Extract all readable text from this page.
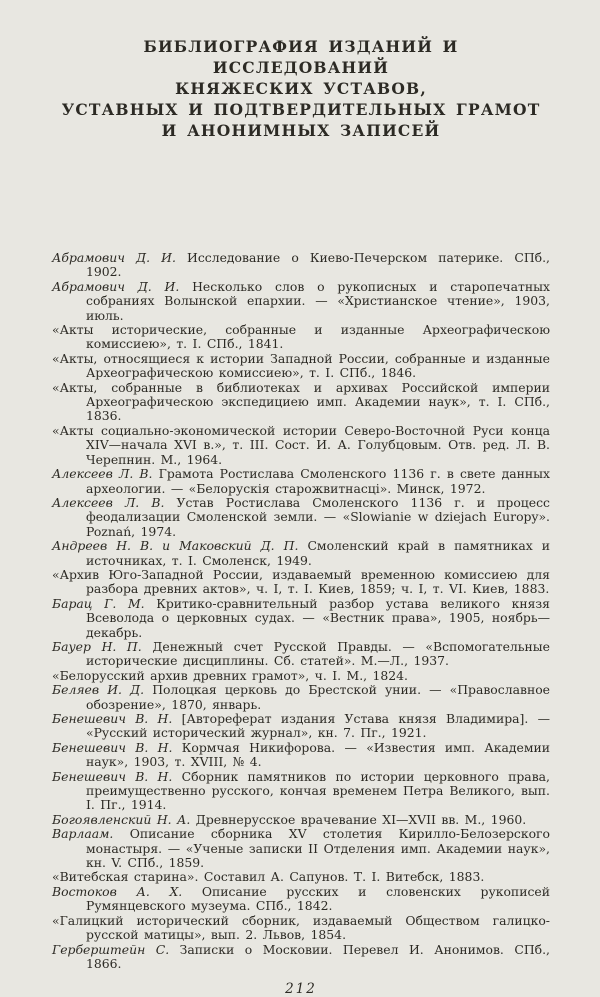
БИБЛИОГРАФИЯ ИЗДАНИЙ И ИССЛЕДОВАНИЙ
КНЯЖЕСКИХ УСТАВОВ,
УСТАВНЫХ И ПОДТВЕРДИТЕЛЬНЫХ ГРАМОТ
И АНОНИМНЫХ ЗАПИСЕЙ

Абрамович Д. И. Исследование о Киево-Печерском патерике. СПб., 1902.

Абрамович Д. И. Несколько слов о рукописных и старопечатных собраниях Волынской епархии. — «Христианское чтение», 1903, июль.

«Акты исторические, собранные и изданные Археографическою комиссиею», т. I. СПб., 1841.

«Акты, относящиеся к истории Западной России, собранные и изданные Археографическою комиссиею», т. I. СПб., 1846.

«Акты, собранные в библиотеках и архивах Российской империи Археографическою экспедициею имп. Академии наук», т. I. СПб., 1836.

«Акты социально-экономической истории Северо-Восточной Руси конца XIV—начала XVI в.», т. III. Сост. И. А. Голубцовым. Отв. ред. Л. В. Черепнин. М., 1964.

Алексеев Л. В. Грамота Ростислава Смоленского 1136 г. в свете данных археологии. — «Белорускія старожвитнасці». Минск, 1972.

Алексеев Л. В. Устав Ростислава Смоленского 1136 г. и процесс феодализации Смоленской земли. — «Slowianie w dziejach Europy». Poznań, 1974.

Андреев Н. В. и Маковский Д. П. Смоленский край в памятниках и источниках, т. I. Смоленск, 1949.

«Архив Юго-Западной России, издаваемый временною комиссиею для разбора древних актов», ч. I, т. I. Киев, 1859; ч. I, т. VI. Киев, 1883.

Барац Г. М. Критико-сравнительный разбор устава великого князя Всеволода о церковных судах. — «Вестник права», 1905, ноябрь—декабрь.

Бауер Н. П. Денежный счет Русской Правды. — «Вспомогательные исторические дисциплины. Сб. статей». М.—Л., 1937.

«Белорусский архив древних грамот», ч. I. М., 1824.

Беляев И. Д. Полоцкая церковь до Брестской унии. — «Православное обозрение», 1870, январь.

Бенешевич В. Н. [Автореферат издания Устава князя Владимира]. — «Русский исторический журнал», кн. 7. Пг., 1921.

Бенешевич В. Н. Кормчая Никифорова. — «Известия имп. Академии наук», 1903, т. XVIII, № 4.

Бенешевич В. Н. Сборник памятников по истории церковного права, преимущественно русского, кончая временем Петра Великого, вып. I. Пг., 1914.

Богоявленский Н. А. Древнерусское врачевание XI—XVII вв. М., 1960.

Варлаам. Описание сборника XV столетия Кирилло-Белозерского монастыря. — «Ученые записки II Отделения имп. Академии наук», кн. V. СПб., 1859.

«Витебская старина». Составил А. Сапунов. Т. I. Витебск, 1883.

Востоков А. Х. Описание русских и словенских рукописей Румянцевского музеума. СПб., 1842.

«Галицкий исторический сборник, издаваемый Обществом галицко-русской матицы», вып. 2. Львов, 1854.

Герберштейн С. Записки о Московии. Перевел И. Анонимов. СПб., 1866.

212
